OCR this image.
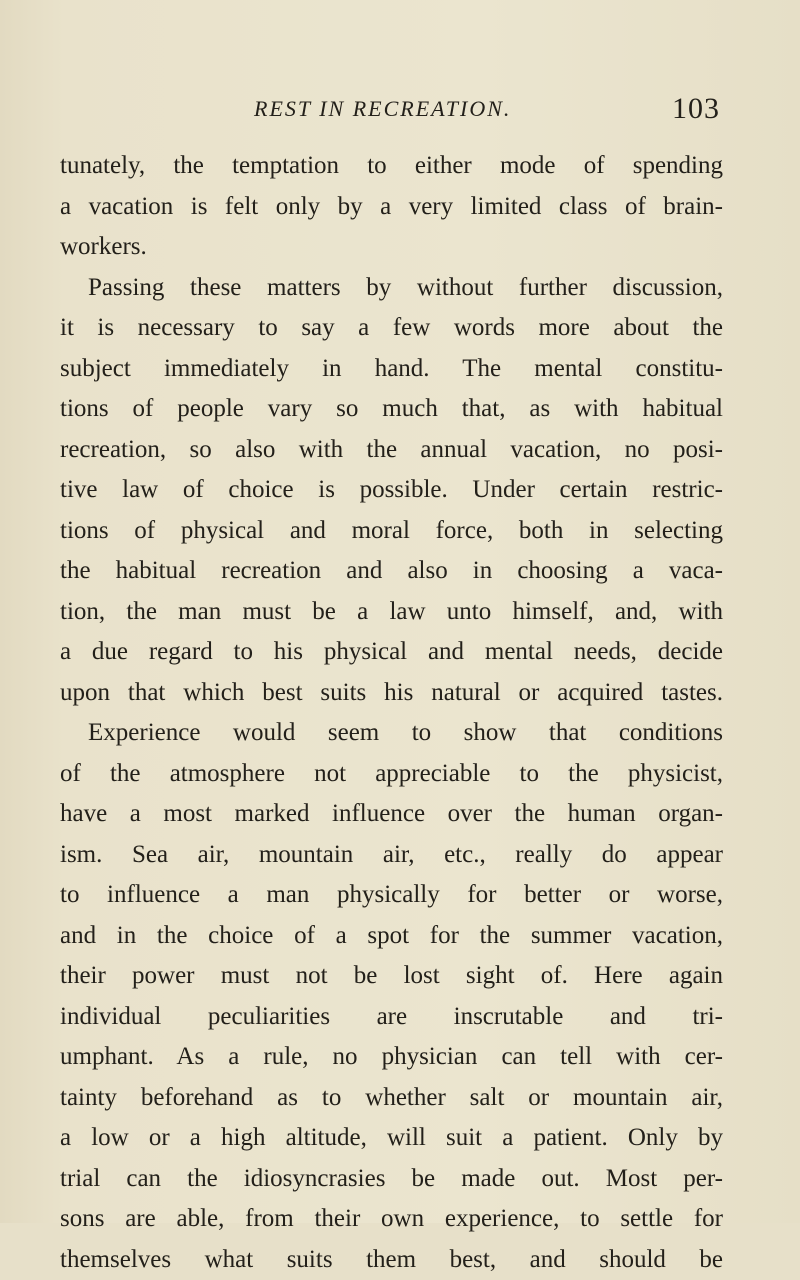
REST IN RECREATION.	103
tunately, the temptation to either mode of spending
a vacation is felt only by a very limited class of brain-
workers.
Passing these matters by without further discussion,
it is necessary to say a few words more about the
subject immediately in hand. The mental constitu-
tions of people vary so much that, as with habitual
recreation, so also with the annual vacation, no posi-
tive law of choice is possible. Under certain restric-
tions of physical and moral force, both in selecting
the habitual recreation and also in choosing a vaca-
tion, the man must be a law unto himself, and, with
a due regard to his physical and mental needs, decide
upon that which best suits his natural or acquired tastes.
Experience would seem to show that conditions
of the atmosphere not appreciable to the physicist,
have a most marked influence over the human organ-
ism. Sea air, mountain air, etc., really do appear
to influence a man physically for better or worse,
and in the choice of a spot for the summer vacation,
their power must not be lost sight of. Here again
individual peculiarities are inscrutable and tri-
umphant. As a rule, no physician can tell with cer-
tainty beforehand as to whether salt or mountain air,
a low or a high altitude, will suit a patient. Only by
trial can the idiosyncrasies be made out. Most per-
sons are able, from their own experience, to settle for
themselves what suits them best, and should be
